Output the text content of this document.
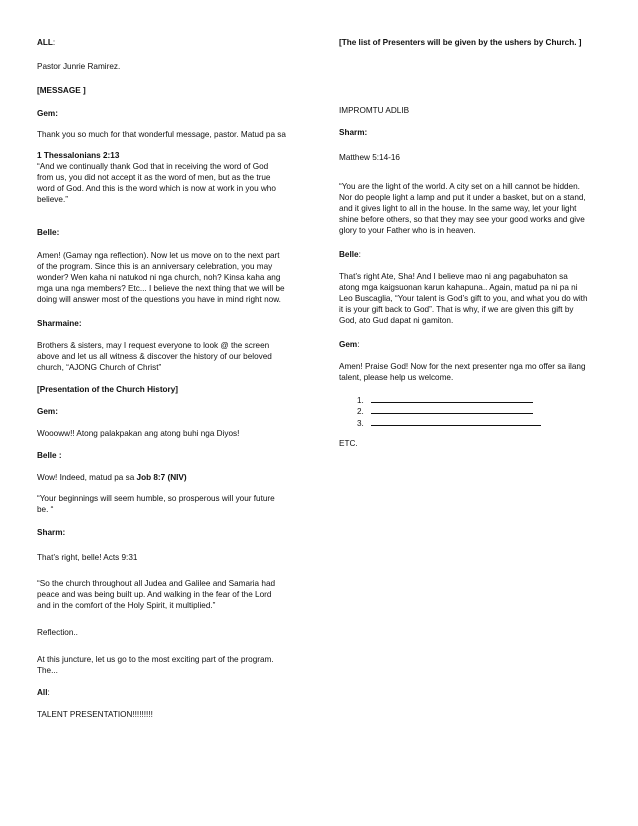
ALL:
Pastor Junrie Ramirez.
[MESSAGE ]
Gem:
Thank you so much for that wonderful message, pastor. Matud pa sa
1 Thessalonians 2:13
“And we continually thank God that in receiving the word of God
from us, you did not accept it as the word of men, but as the true
word of God. And this is the word which is now at work in you who
believe.”
Belle:
Amen! (Gamay nga reflection). Now let us move on to the next part
of the program. Since this is an anniversary celebration, you may
wonder? Wen kaha ni natukod ni nga church, noh? Kinsa kaha ang
mga una nga members? Etc... I believe the next thing that we will be
doing will answer most of the questions you have in mind right now.
Sharmaine:
Brothers & sisters, may I request everyone to look @ the screen
above and let us all witness & discover the history of our beloved
church, “AJONG Church of Christ”
[Presentation of the Church History]
Gem:
Woooww!! Atong palakpakan ang atong buhi nga Diyos!
Belle :
Wow! Indeed, matud pa sa Job 8:7 (NIV)
“Your beginnings will seem humble, so prosperous will your future
be. “
Sharm:
That’s right, belle! Acts 9:31
“So the church throughout all Judea and Galilee and Samaria had
peace and was being built up. And walking in the fear of the Lord
and in the comfort of the Holy Spirit, it multiplied.”
Reflection..
At this juncture, let us go to the most exciting part of the program.
The...
All:
TALENT PRESENTATION!!!!!!!!!
[The list of Presenters will be given by the ushers by Church. ]
IMPROMTU ADLIB
Sharm:
Matthew 5:14-16
“You are the light of the world. A city set on a hill cannot be hidden.
Nor do people light a lamp and put it under a basket, but on a stand,
and it gives light to all in the house. In the same way, let your light
shine before others, so that they may see your good works and give
glory to your Father who is in heaven.
Belle:
That’s right Ate, Sha! And I believe mao ni ang pagabuhaton sa
atong mga kaigsuonan karun kahapuna.. Again, matud pa ni pa ni
Leo Buscaglia, “Your talent is God’s gift to you, and what you do with
it is your gift back to God”. That is why, if we are given this gift by
God, ato Gud dapat ni gamiton.
Gem:
Amen! Praise God! Now for the next presenter nga mo offer sa ilang
talent, please help us welcome.
1.
2.
3.
ETC.
